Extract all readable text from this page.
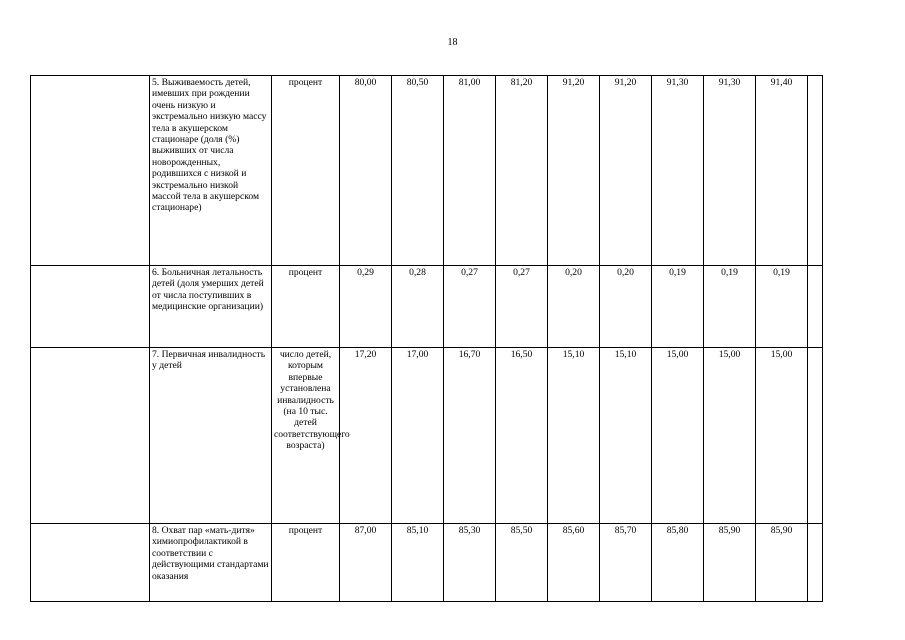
18
	5. Выживаемость детей, имевших при рождении очень низкую и экстремально низкую массу тела в акушерском стационаре (доля (%) выживших от числа новорожденных, родившихся с низкой и экстремально низкой массой тела в акушерском стационаре)	процент	80,00	80,50	81,00	81,20	91,20	91,20	91,30	91,30	91,40	
	6. Больничная летальность детей (доля умерших детей от числа поступивших в медицинские организации)	процент	0,29	0,28	0,27	0,27	0,20	0,20	0,19	0,19	0,19	
	7. Первичная инвалидность у детей	число детей, которым впервые установлена инвалидность (на 10 тыс. детей соответствующего возраста)	17,20	17,00	16,70	16,50	15,10	15,10	15,00	15,00	15,00	
	8. Охват пар «мать-дитя» химиопрофилактикой в соответствии с действующими стандартами оказания	процент	87,00	85,10	85,30	85,50	85,60	85,70	85,80	85,90	85,90	
